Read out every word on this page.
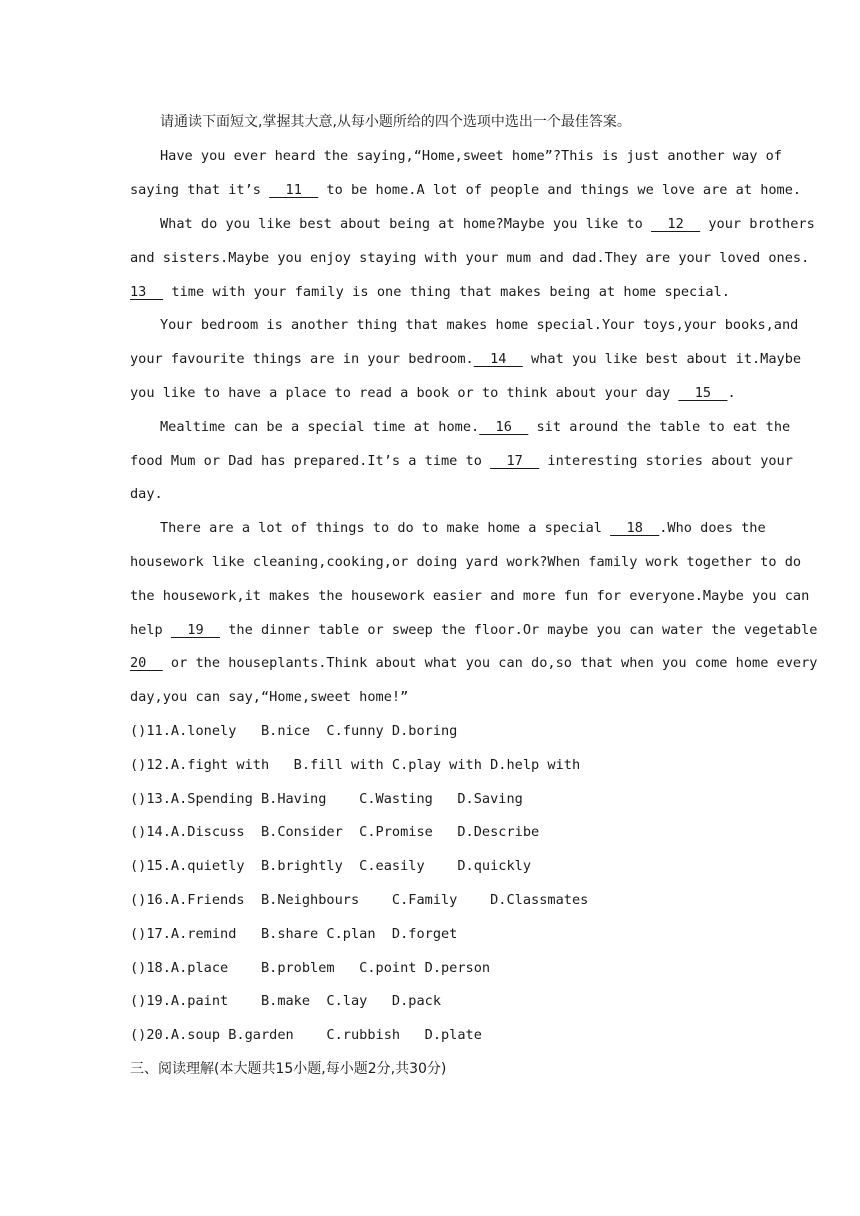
请通读下面短文,掌握其大意,从每小题所给的四个选项中选出一个最佳答案。
Have you ever heard the saying,“Home,sweet home”?This is just another way of
saying that it’s   11   to be home.A lot of people and things we love are at home.
What do you like best about being at home?Maybe you like to   12   your brothers
and sisters.Maybe you enjoy staying with your mum and dad.They are your loved ones.
13   time with your family is one thing that makes being at home special.
Your bedroom is another thing that makes home special.Your toys,your books,and
your favourite things are in your bedroom.  14   what you like best about it.Maybe
you like to have a place to read a book or to think about your day   15  .
Mealtime can be a special time at home.  16   sit around the table to eat the
food Mum or Dad has prepared.It’s a time to   17   interesting stories about your
day.
There are a lot of things to do to make home a special   18  .Who does the
housework like cleaning,cooking,or doing yard work?When family work together to do
the housework,it makes the housework easier and more fun for everyone.Maybe you can
help   19   the dinner table or sweep the floor.Or maybe you can water the vegetable
20   or the houseplants.Think about what you can do,so that when you come home every
day,you can say,“Home,sweet home!”
()11.A.lonely   B.nice  C.funny D.boring
()12.A.fight with   B.fill with C.play with D.help with
()13.A.Spending B.Having    C.Wasting   D.Saving
()14.A.Discuss  B.Consider  C.Promise   D.Describe
()15.A.quietly  B.brightly  C.easily    D.quickly
()16.A.Friends  B.Neighbours    C.Family    D.Classmates
()17.A.remind   B.share C.plan  D.forget
()18.A.place    B.problem   C.point D.person
()19.A.paint    B.make  C.lay   D.pack
()20.A.soup B.garden    C.rubbish   D.plate
三、阅读理解(本大题共15小题,每小题2分,共30分)
